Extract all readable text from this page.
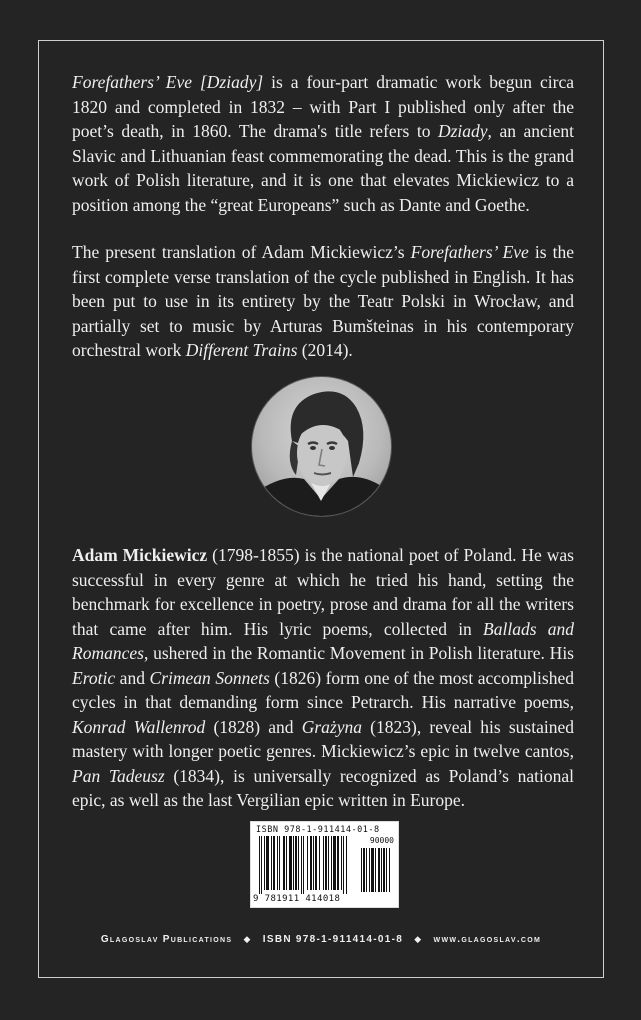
Forefathers’ Eve [Dziady] is a four-part dramatic work begun circa 1820 and completed in 1832 – with Part I published only after the poet’s death, in 1860. The drama's title refers to Dziady, an ancient Slavic and Lithuanian feast commemorating the dead. This is the grand work of Polish literature, and it is one that elevates Mickiewicz to a position among the “great Europeans” such as Dante and Goethe.

The present translation of Adam Mickiewicz’s Forefathers’ Eve is the first complete verse translation of the cycle published in English. It has been put to use in its entirety by the Teatr Polski in Wrocław, and partially set to music by Arturas Bumšteinas in his contemporary orchestral work Different Trains (2014).

Adam Mickiewicz (1798-1855) is the national poet of Poland. He was successful in every genre at which he tried his hand, setting the benchmark for excellence in poetry, prose and drama for all the writers that came after him. His lyric poems, collected in Ballads and Romances, ushered in the Romantic Movement in Polish literature. His Erotic and Crimean Sonnets (1826) form one of the most accomplished cycles in that demanding form since Petrarch. His narrative poems, Konrad Wallenrod (1828) and Grażyna (1823), reveal his sustained mastery with longer poetic genres. Mickiewicz’s epic in twelve cantos, Pan Tadeusz (1834), is universally recognized as Poland’s national epic, as well as the last Vergilian epic written in Europe.

ISBN 978-1-911414-01-8
90000
9 781911 414018
Glagoslav Publications ◆ ISBN 978-1-911414-01-8 ◆ www.glagoslav.com
